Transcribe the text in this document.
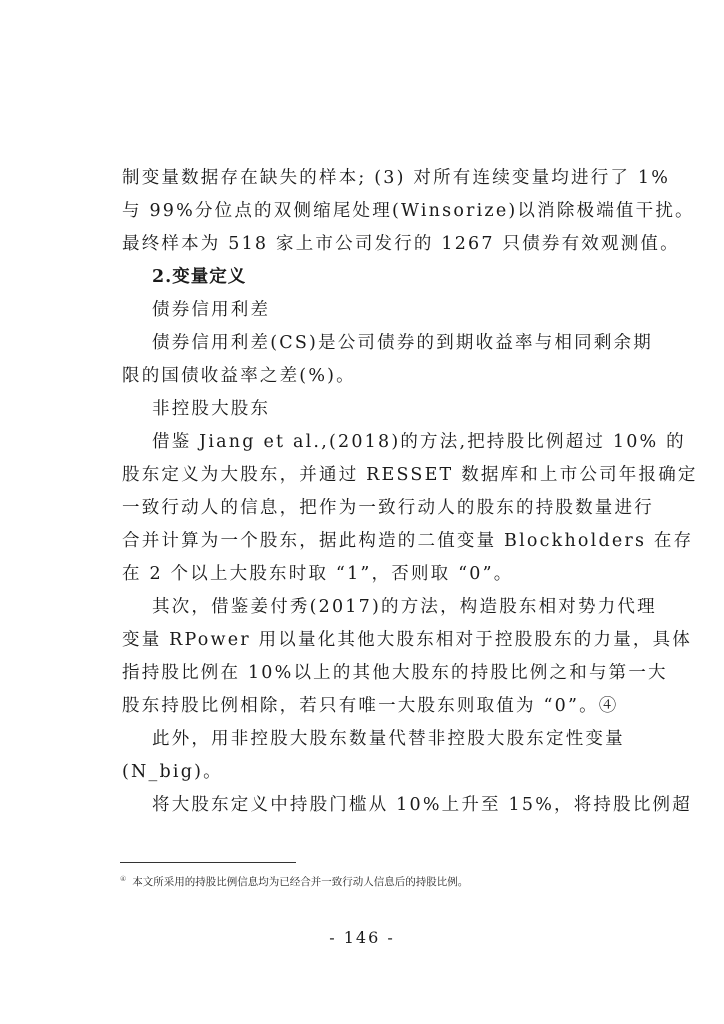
制变量数据存在缺失的样本; (3) 对所有连续变量均进行了 1%
与 99%分位点的双侧缩尾处理(Winsorize)以消除极端值干扰。
最终样本为 518 家上市公司发行的 1267 只债券有效观测值。
2.变量定义
债券信用利差
债券信用利差(CS)是公司债券的到期收益率与相同剩余期
限的国债收益率之差(%)。
非控股大股东
借鉴 Jiang et al.,(2018)的方法,把持股比例超过 10% 的
股东定义为大股东，并通过 RESSET 数据库和上市公司年报确定
一致行动人的信息，把作为一致行动人的股东的持股数量进行
合并计算为一个股东，据此构造的二值变量 Blockholders 在存
在 2 个以上大股东时取 “1”，否则取 “0”。
其次，借鉴姜付秀(2017)的方法，构造股东相对势力代理
变量 RPower 用以量化其他大股东相对于控股股东的力量，具体
指持股比例在 10%以上的其他大股东的持股比例之和与第一大
股东持股比例相除，若只有唯一大股东则取值为 “0”。④
此外，用非控股大股东数量代替非控股大股东定性变量
(N_big)。
将大股东定义中持股门槛从 10%上升至 15%，将持股比例超
④ 本文所采用的持股比例信息均为已经合并一致行动人信息后的持股比例。
- 146 -
